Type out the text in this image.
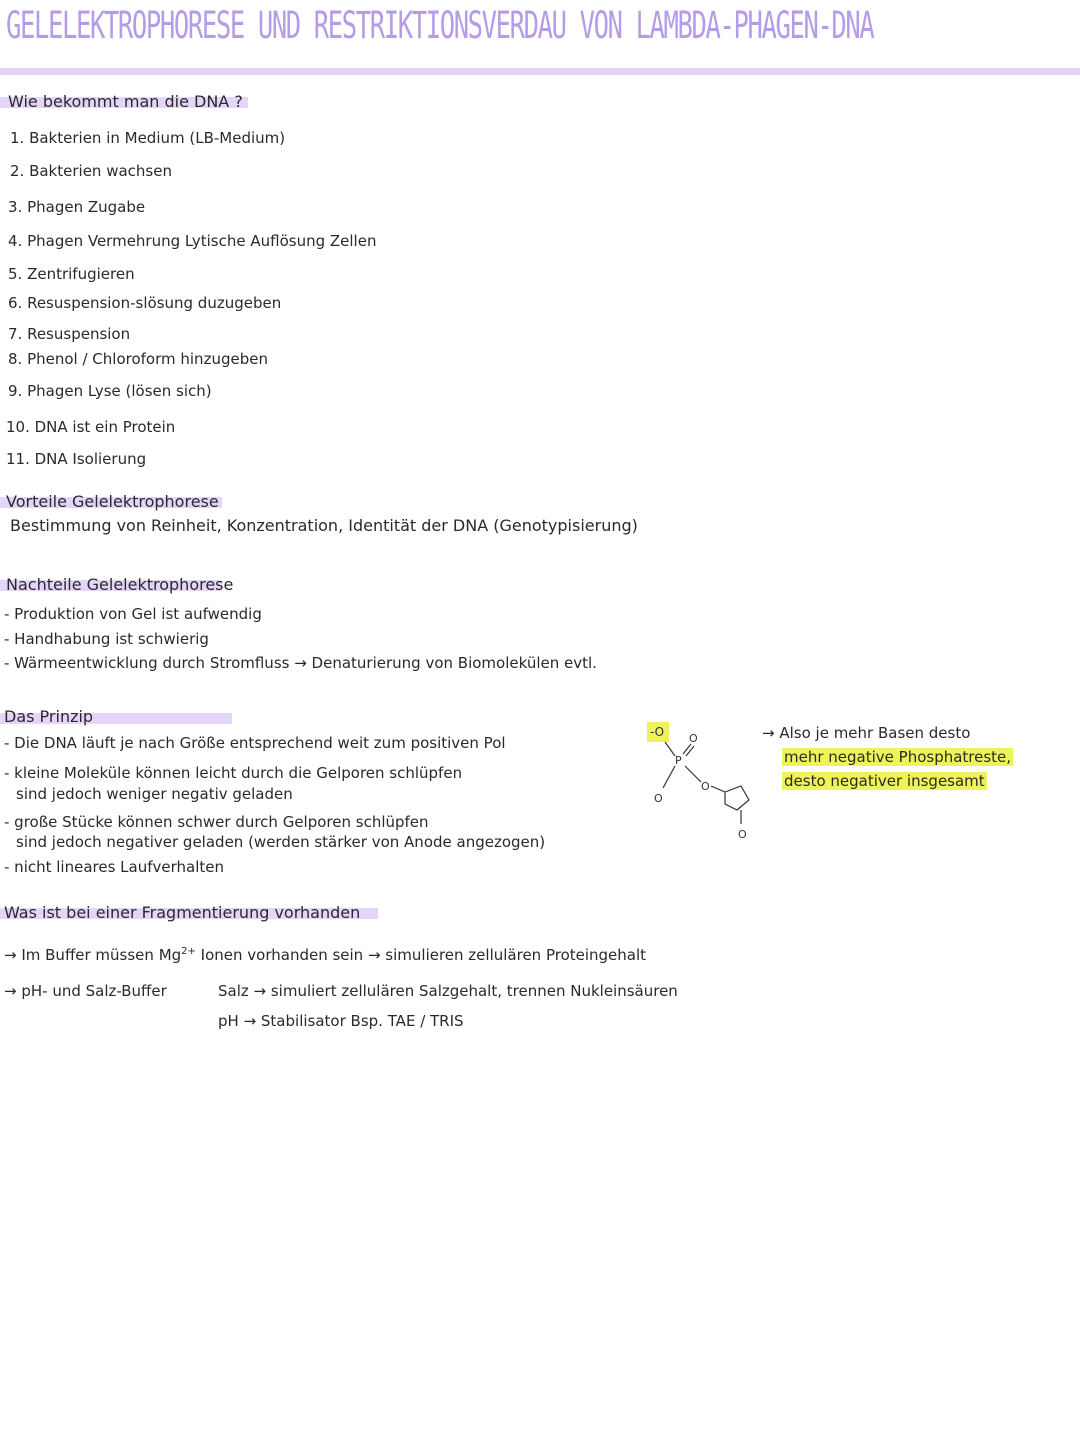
GELELEKTROPHORESE UND RESTRIKTIONSVERDAU VON LAMBDA-PHAGEN-DNA
Wie bekommt man die DNA ?
1. Bakterien in Medium (LB-Medium)
2. Bakterien wachsen
3. Phagen Zugabe
4. Phagen Vermehrung Lytische Auflösung Zellen
5. Zentrifugieren
6. Resuspension-slösung duzugeben
7. Resuspension
8. Phenol / Chloroform hinzugeben
9. Phagen Lyse (lösen sich)
10. DNA ist ein Protein
11. DNA Isolierung
Vorteile Gelelektrophorese
Bestimmung von Reinheit, Konzentration, Identität der DNA (Genotypisierung)
Nachteile Gelelektrophorese
- Produktion von Gel ist aufwendig
- Handhabung ist schwierig
- Wärmeentwicklung durch Stromfluss → Denaturierung von Biomolekülen evtl.
Das Prinzip
- Die DNA läuft je nach Größe entsprechend weit zum positiven Pol
- kleine Moleküle können leicht durch die Gelporen schlüpfen
sind jedoch weniger negativ geladen
- große Stücke können schwer durch Gelporen schlüpfen
sind jedoch negativer geladen (werden stärker von Anode angezogen)
- nicht lineares Laufverhalten
-O O
P
O
O
O
→ Also je mehr Basen desto
mehr negative Phosphatreste,
desto negativer insgesamt
Was ist bei einer Fragmentierung vorhanden
→ Im Buffer müssen $Mg^{2+}$ Ionen vorhanden sein → simulieren zellulären Proteingehalt
→ pH- und Salz-Buffer	Salz → simuliert zellulären Salzgehalt, trennen Nukleinsäuren
pH → Stabilisator Bsp. TAE / TRIS
